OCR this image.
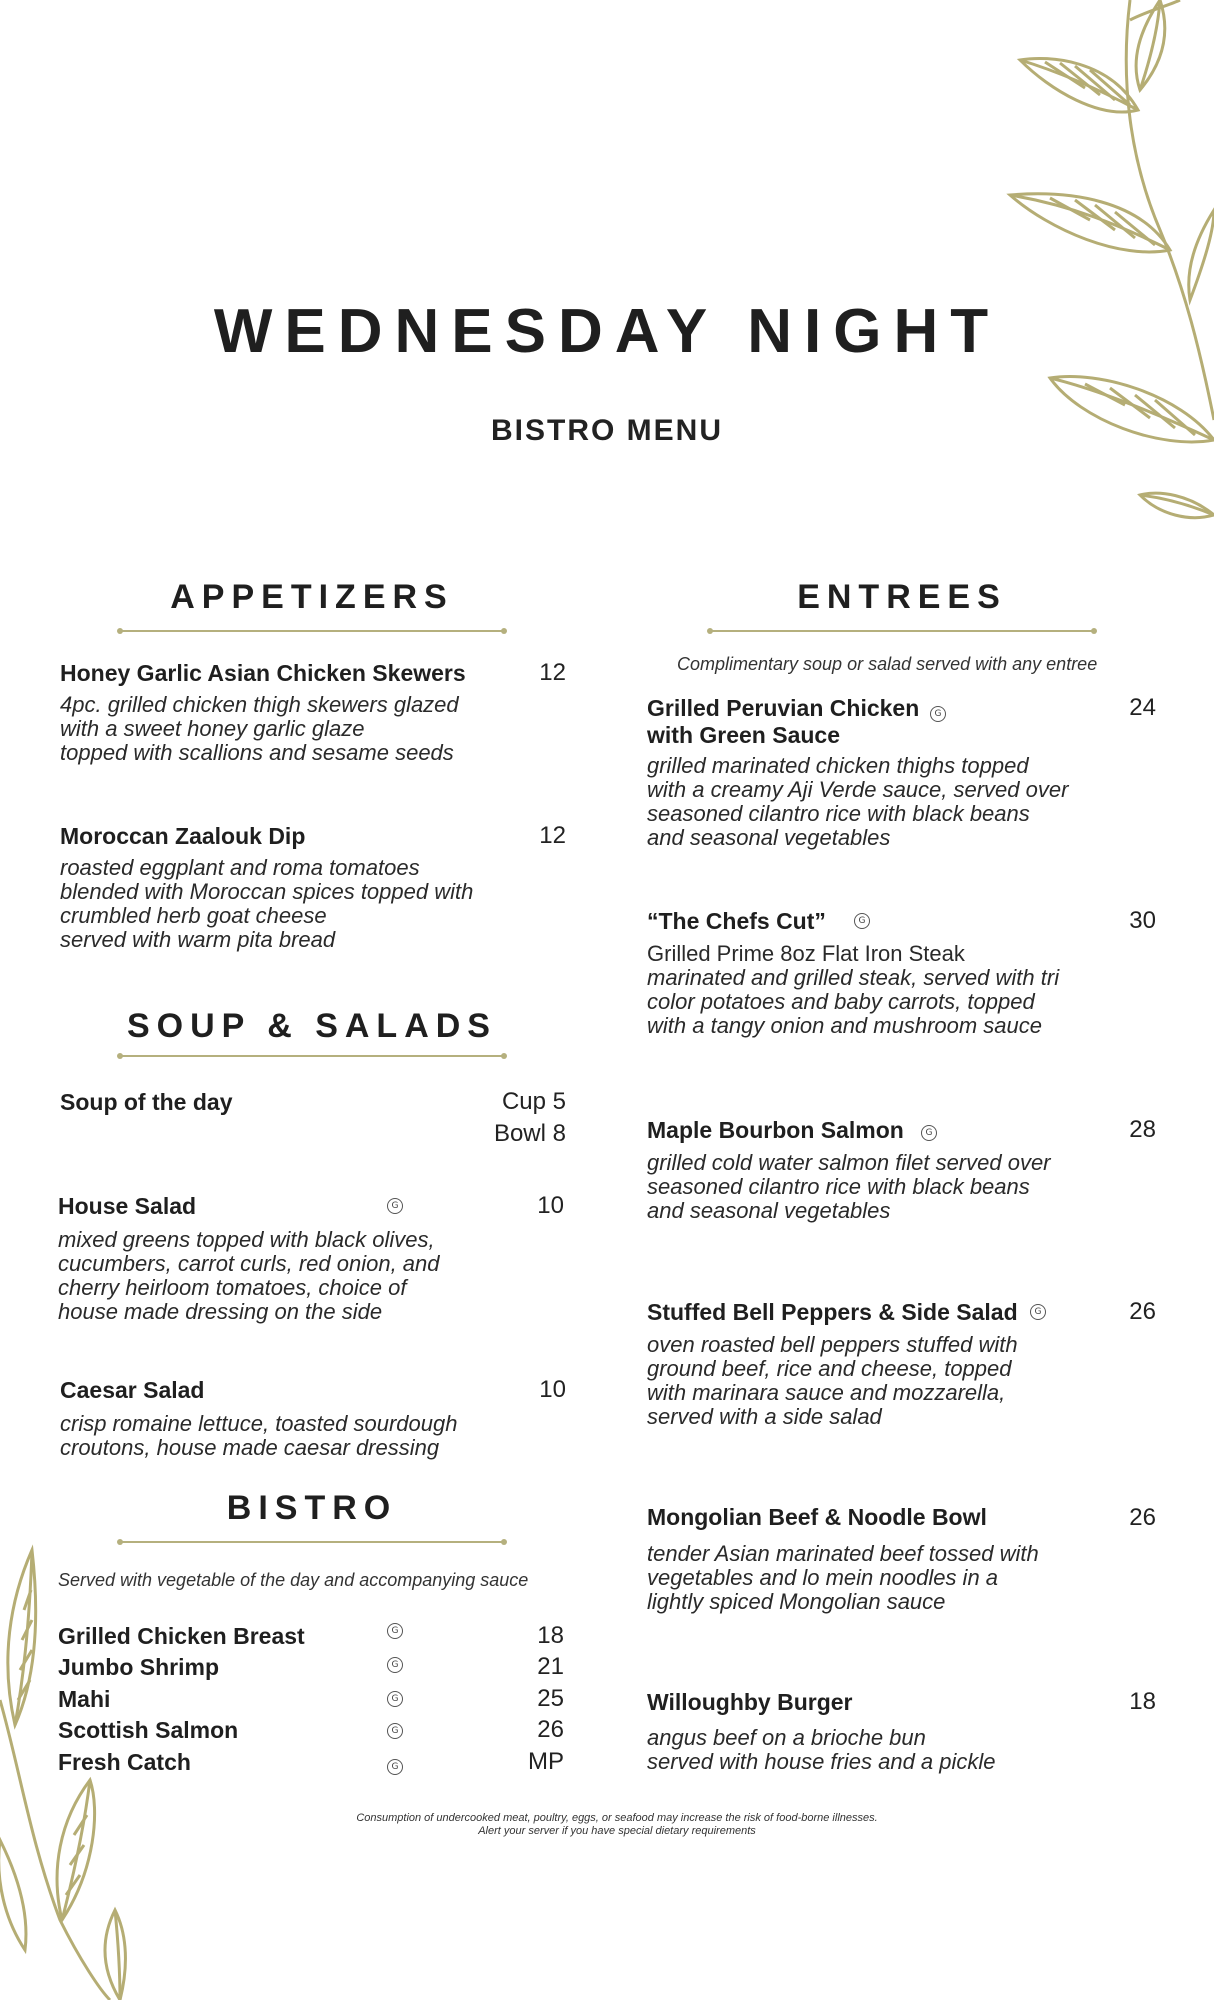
WEDNESDAY NIGHT
BISTRO MENU
APPETIZERS
Honey Garlic Asian Chicken Skewers	12
4pc. grilled chicken thigh skewers glazed
with a sweet honey garlic glaze
topped with scallions and sesame seeds
Moroccan Zaalouk Dip	12
roasted eggplant and roma tomatoes
blended with Moroccan spices topped with
crumbled herb goat cheese
served with warm pita bread
SOUP & SALADS
Soup of the day	Cup 5
Bowl 8
House Salad	G	10
mixed greens topped with black olives,
cucumbers, carrot curls, red onion, and
cherry heirloom tomatoes, choice of
house made dressing on the side
Caesar Salad	10
crisp romaine lettuce, toasted sourdough
croutons, house made caesar dressing
BISTRO
Served with vegetable of the day and accompanying sauce
Grilled Chicken Breast	G	18
Jumbo Shrimp	G	21
Mahi	G	25
Scottish Salmon	G	26
Fresh Catch	G	MP
ENTREES
Complimentary soup or salad served with any entree
Grilled Peruvian Chicken
with Green Sauce
G	24
grilled marinated chicken thighs topped
with a creamy Aji Verde sauce, served over
seasoned cilantro rice with black beans
and seasonal vegetables
“The Chefs Cut”	G	30
Grilled Prime 8oz Flat Iron Steak
marinated and grilled steak, served with tri
color potatoes and baby carrots, topped
with a tangy onion and mushroom sauce
Maple Bourbon Salmon	G	28
grilled cold water salmon filet served over
seasoned cilantro rice with black beans
and seasonal vegetables
Stuffed Bell Peppers & Side Salad	G	26
oven roasted bell peppers stuffed with
ground beef, rice and cheese, topped
with marinara sauce and mozzarella,
served with a side salad
Mongolian Beef & Noodle Bowl	26
tender Asian marinated beef tossed with
vegetables and lo mein noodles in a
lightly spiced Mongolian sauce
Willoughby Burger	18
angus beef on a brioche bun
served with house fries and a pickle
Consumption of undercooked meat, poultry, eggs, or seafood may increase the risk of food-borne illnesses.
Alert your server if you have special dietary requirements
